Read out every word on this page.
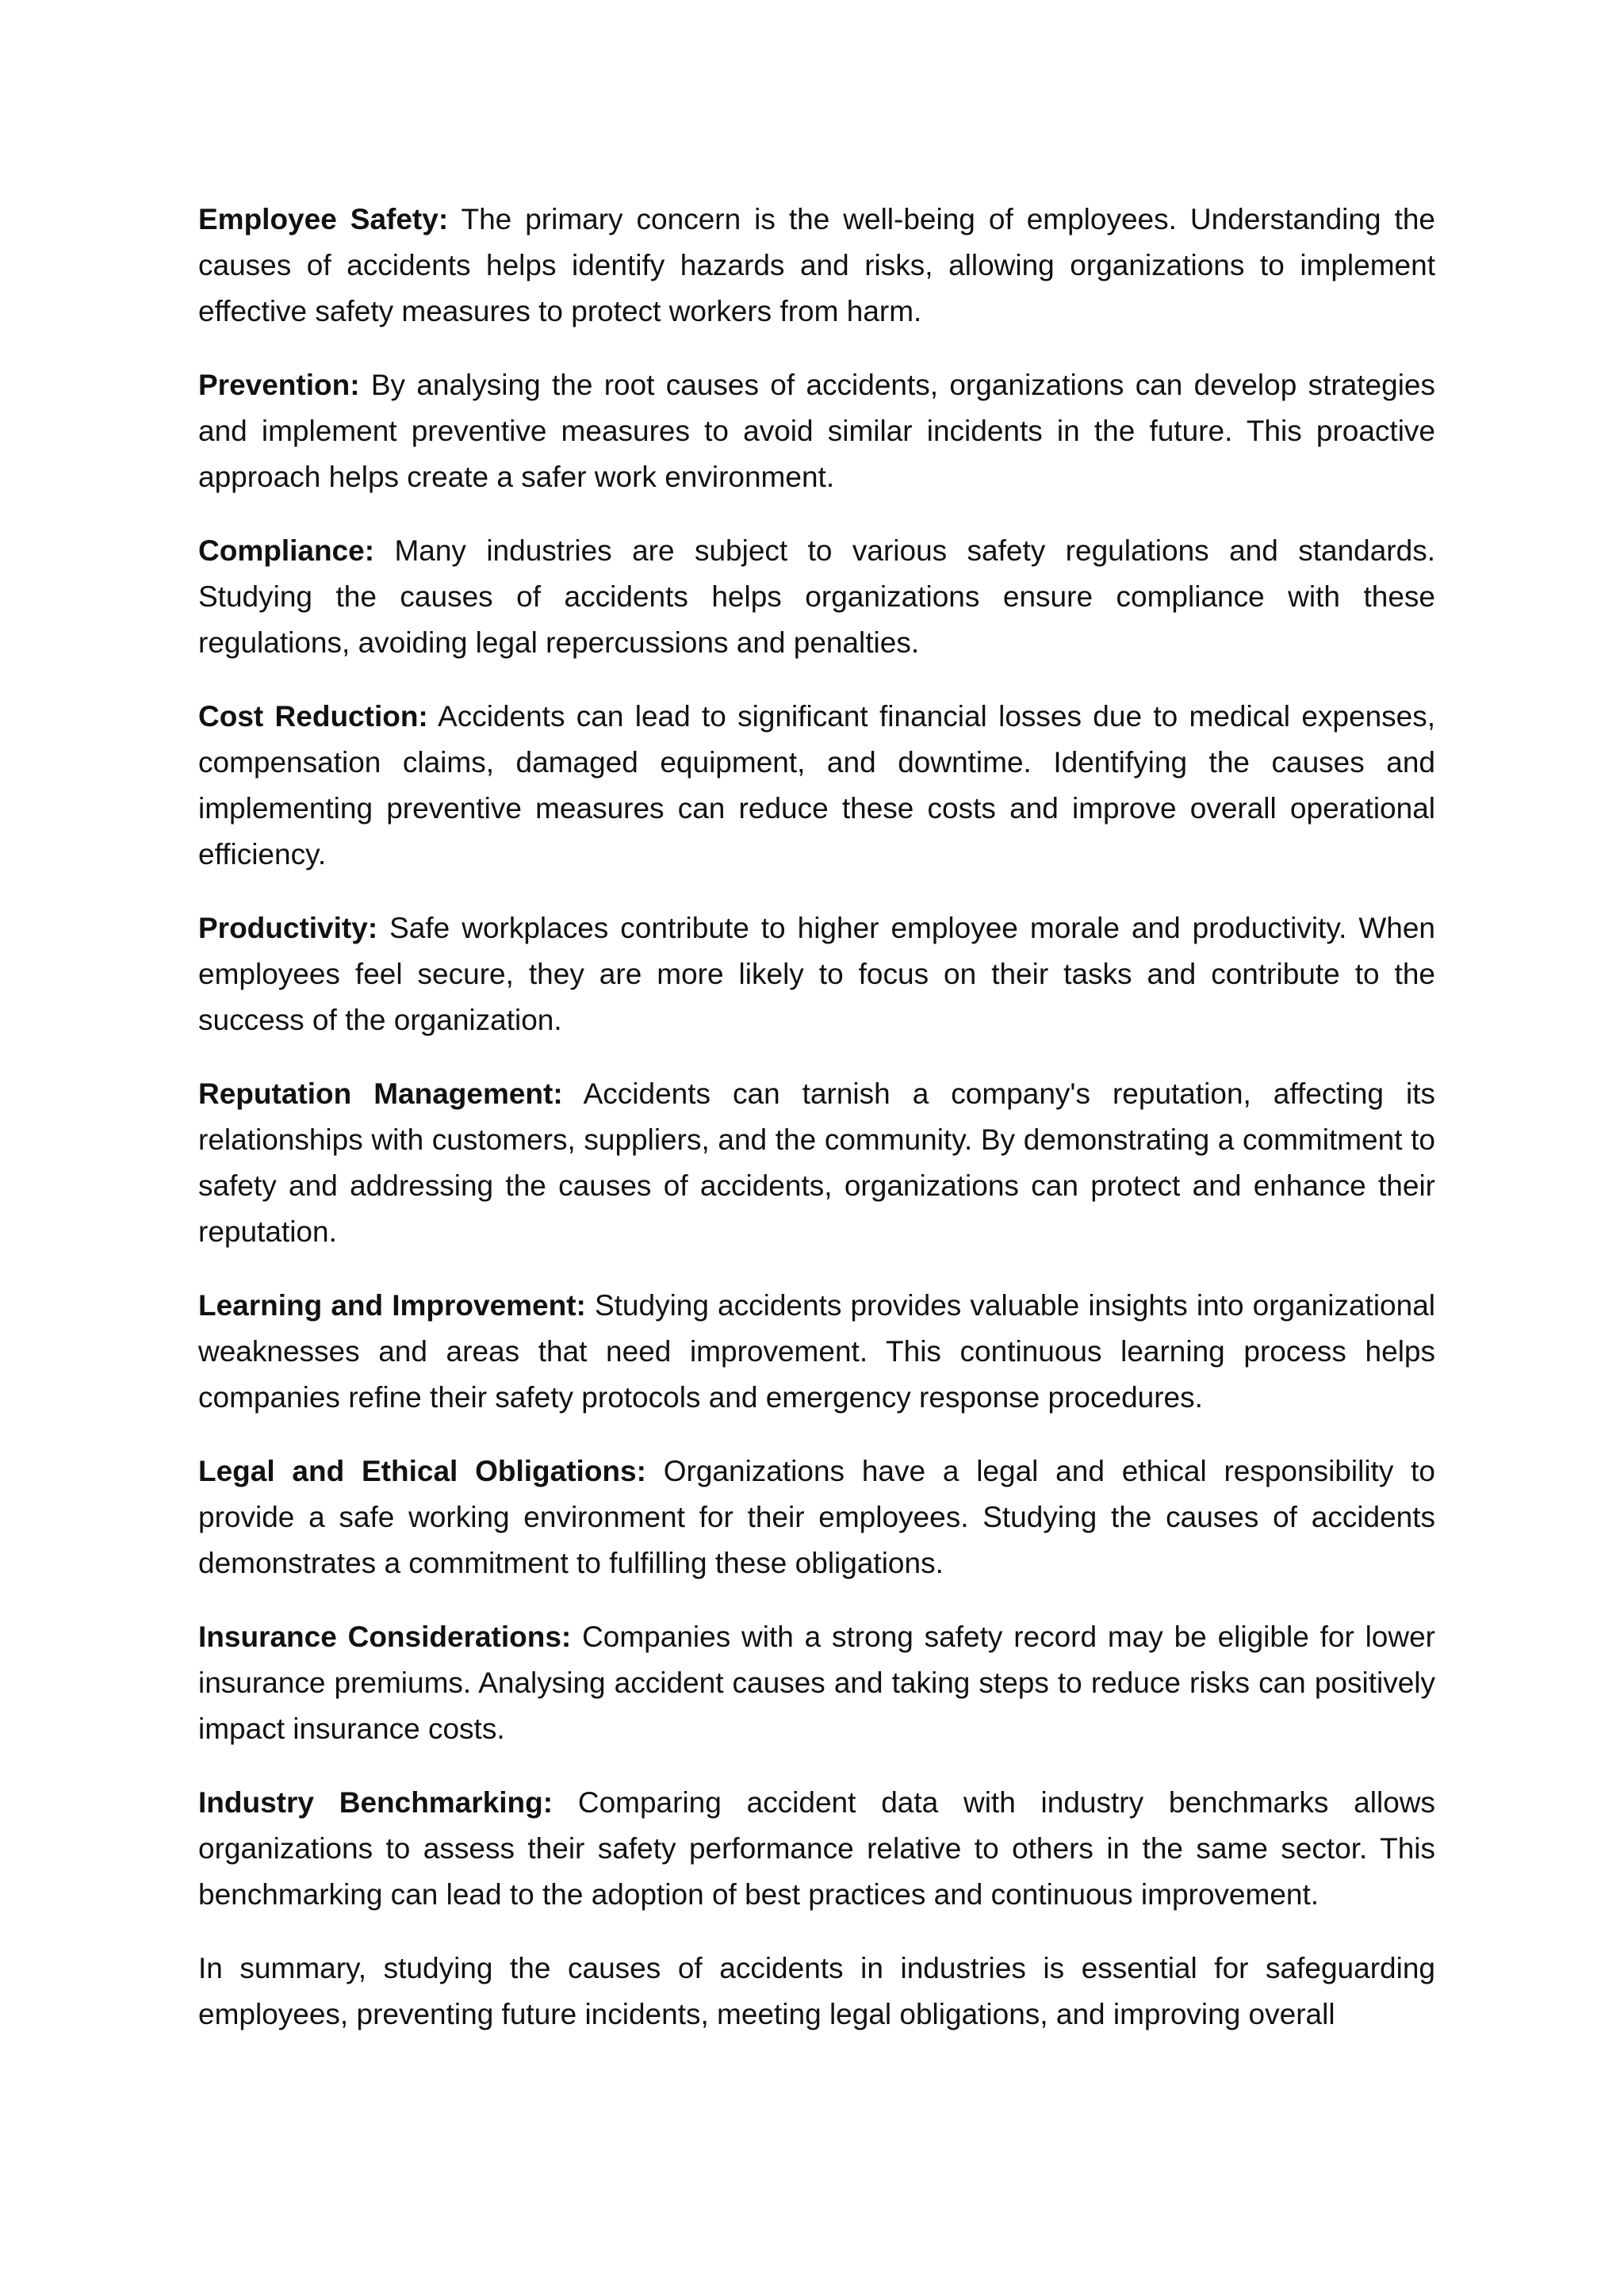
Employee Safety: The primary concern is the well-being of employees. Understanding the causes of accidents helps identify hazards and risks, allowing organizations to implement effective safety measures to protect workers from harm.

Prevention: By analysing the root causes of accidents, organizations can develop strategies and implement preventive measures to avoid similar incidents in the future. This proactive approach helps create a safer work environment.

Compliance: Many industries are subject to various safety regulations and standards. Studying the causes of accidents helps organizations ensure compliance with these regulations, avoiding legal repercussions and penalties.

Cost Reduction: Accidents can lead to significant financial losses due to medical expenses, compensation claims, damaged equipment, and downtime. Identifying the causes and implementing preventive measures can reduce these costs and improve overall operational efficiency.

Productivity: Safe workplaces contribute to higher employee morale and productivity. When employees feel secure, they are more likely to focus on their tasks and contribute to the success of the organization.

Reputation Management: Accidents can tarnish a company's reputation, affecting its relationships with customers, suppliers, and the community. By demonstrating a commitment to safety and addressing the causes of accidents, organizations can protect and enhance their reputation.

Learning and Improvement: Studying accidents provides valuable insights into organizational weaknesses and areas that need improvement. This continuous learning process helps companies refine their safety protocols and emergency response procedures.

Legal and Ethical Obligations: Organizations have a legal and ethical responsibility to provide a safe working environment for their employees. Studying the causes of accidents demonstrates a commitment to fulfilling these obligations.

Insurance Considerations: Companies with a strong safety record may be eligible for lower insurance premiums. Analysing accident causes and taking steps to reduce risks can positively impact insurance costs.

Industry Benchmarking: Comparing accident data with industry benchmarks allows organizations to assess their safety performance relative to others in the same sector. This benchmarking can lead to the adoption of best practices and continuous improvement.

In summary, studying the causes of accidents in industries is essential for safeguarding employees, preventing future incidents, meeting legal obligations, and improving overall
